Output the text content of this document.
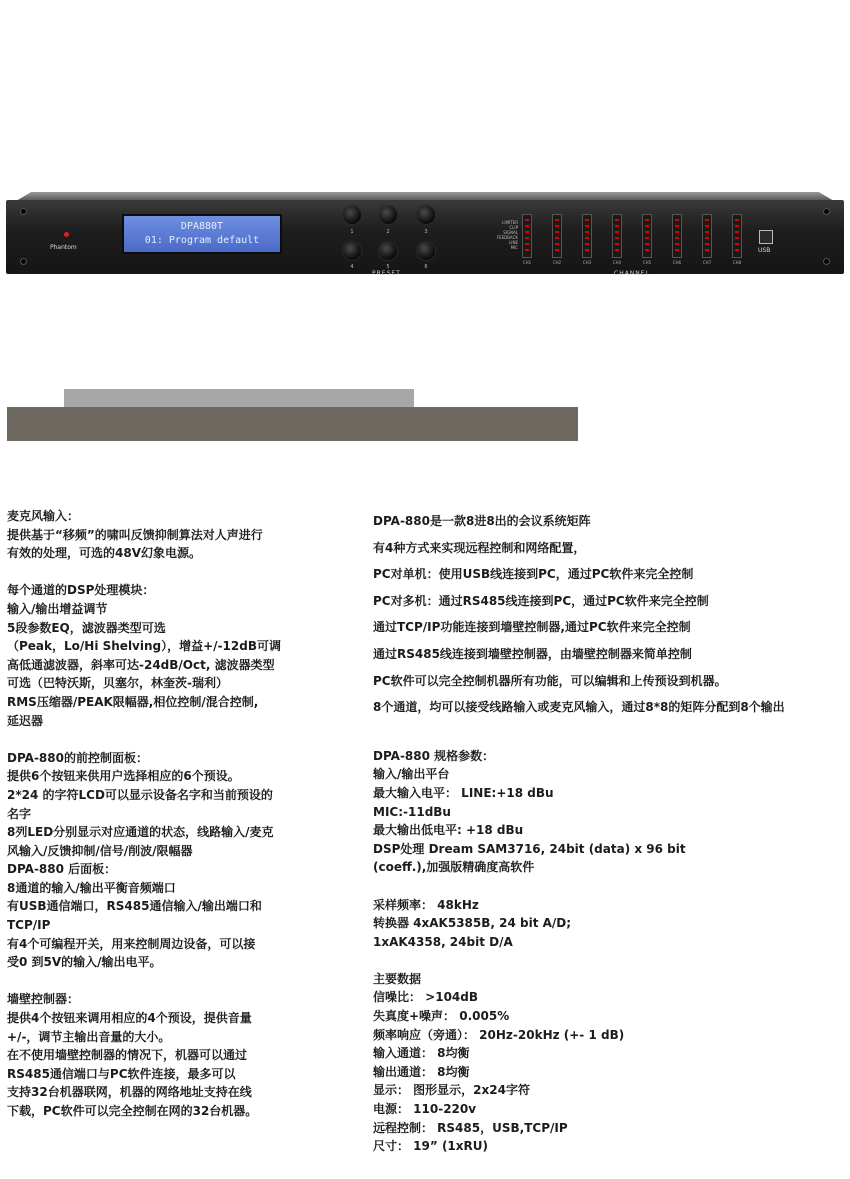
Phantom
DPA880T
01: Program default
1	2	3
4	5	6
PRESET
LIMITER
CLIP
SIGNAL
FEEDBACK
LINE
MIC
CH1	CH2	CH3	CH4	CH5	CH6	CH7	CH8
CHANNEL
USB

麦克风输入：

提供基于“移频”的啸叫反馈抑制算法对人声进行

有效的处理，可选的48V幻象电源。

每个通道的DSP处理模块：

输入/输出增益调节

5段参数EQ，滤波器类型可选

（Peak，Lo/Hi Shelving），增益+/-12dB可调

高低通滤波器，斜率可达-24dB/Oct, 滤波器类型

可选（巴特沃斯，贝塞尔，林奎茨-瑞利）

RMS压缩器/PEAK限幅器,相位控制/混合控制,

延迟器

DPA-880的前控制面板：

提供6个按钮来供用户选择相应的6个预设。

2*24 的字符LCD可以显示设备名字和当前预设的

名字

8列LED分别显示对应通道的状态，线路输入/麦克

风输入/反馈抑制/信号/削波/限幅器

DPA-880 后面板：

8通道的输入/输出平衡音频端口

有USB通信端口，RS485通信输入/输出端口和

TCP/IP

有4个可编程开关，用来控制周边设备，可以接

受0 到5V的输入/输出电平。

墙壁控制器：

提供4个按钮来调用相应的4个预设，提供音量

+/-，调节主输出音量的大小。

在不使用墙壁控制器的情况下，机器可以通过

RS485通信端口与PC软件连接，最多可以

支持32台机器联网，机器的网络地址支持在线

下载，PC软件可以完全控制在网的32台机器。

DPA-880是一款8进8出的会议系统矩阵

有4种方式来实现远程控制和网络配置，

PC对单机：使用USB线连接到PC，通过PC软件来完全控制

PC对多机：通过RS485线连接到PC，通过PC软件来完全控制

通过TCP/IP功能连接到墙壁控制器,通过PC软件来完全控制

通过RS485线连接到墙壁控制器，由墙壁控制器来简单控制

PC软件可以完全控制机器所有功能，可以编辑和上传预设到机器。

8个通道，均可以接受线路输入或麦克风输入，通过8*8的矩阵分配到8个输出

DPA-880 规格参数：

输入/输出平台

最大输入电平： LINE:+18 dBu

MIC:-11dBu

最大输出低电平: +18 dBu

DSP处理 Dream SAM3716, 24bit (data) x 96 bit

(coeff.),加强版精确度高软件

采样频率： 48kHz

转换器 4xAK5385B, 24 bit A/D;

1xAK4358, 24bit D/A

主要数据

信噪比： >104dB

失真度+噪声： 0.005%

频率响应（旁通）： 20Hz-20kHz (+- 1 dB)

输入通道： 8均衡

输出通道： 8均衡

显示： 图形显示，2x24字符

电源： 110-220v

远程控制： RS485，USB,TCP/IP

尺寸： 19” (1xRU)
